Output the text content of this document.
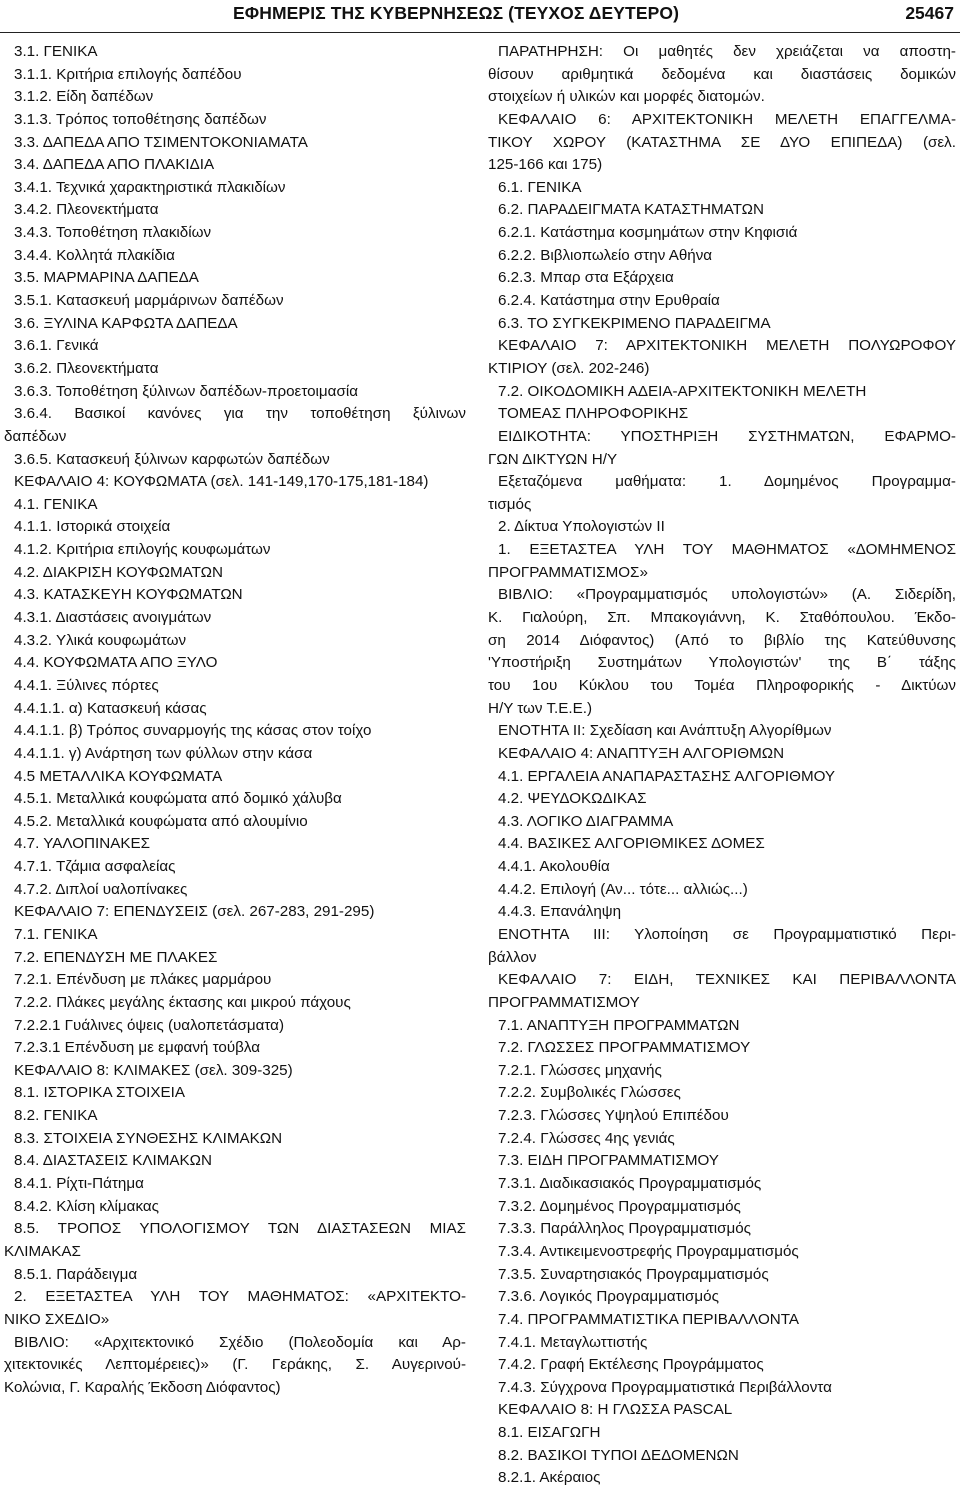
ΕΦΗΜΕΡΙΣ ΤΗΣ ΚΥΒΕΡΝΗΣΕΩΣ (ΤΕΥΧΟΣ ΔΕΥΤΕΡΟ)	25467
3.1. ΓΕΝΙΚΑ
3.1.1. Κριτήρια επιλογής δαπέδου
3.1.2. Είδη δαπέδων
3.1.3. Τρόπος τοποθέτησης δαπέδων
3.3. ΔΑΠΕΔΑ ΑΠΟ ΤΣΙΜΕΝΤΟΚΟΝΙΑΜΑΤΑ
3.4. ΔΑΠΕΔΑ ΑΠΟ ΠΛΑΚΙΔΙΑ
3.4.1. Τεχνικά χαρακτηριστικά πλακιδίων
3.4.2. Πλεονεκτήματα
3.4.3. Τοποθέτηση πλακιδίων
3.4.4. Κολλητά πλακίδια
3.5. ΜΑΡΜΑΡΙΝΑ ΔΑΠΕΔΑ
3.5.1. Κατασκευή μαρμάρινων δαπέδων
3.6. ΞΥΛΙΝΑ ΚΑΡΦΩΤΑ ΔΑΠΕΔΑ
3.6.1. Γενικά
3.6.2. Πλεονεκτήματα
3.6.3. Τοποθέτηση ξύλινων δαπέδων-προετοιμασία
3.6.4. Βασικοί κανόνες για την τοποθέτηση ξύλινων
δαπέδων
3.6.5. Κατασκευή ξύλινων καρφωτών δαπέδων
ΚΕΦΑΛΑΙΟ 4: ΚΟΥΦΩΜΑΤΑ (σελ. 141-149,170-175,181-184)
4.1. ΓΕΝΙΚΑ
4.1.1. Ιστορικά στοιχεία
4.1.2. Κριτήρια επιλογής κουφωμάτων
4.2. ΔΙΑΚΡΙΣΗ ΚΟΥΦΩΜΑΤΩΝ
4.3. ΚΑΤΑΣΚΕΥΗ ΚΟΥΦΩΜΑΤΩΝ
4.3.1. Διαστάσεις ανοιγμάτων
4.3.2. Υλικά κουφωμάτων
4.4. ΚΟΥΦΩΜΑΤΑ ΑΠΟ ΞΥΛΟ
4.4.1. Ξύλινες πόρτες
4.4.1.1. α) Κατασκευή κάσας
4.4.1.1. β) Τρόπος συναρμογής της κάσας στον τοίχο
4.4.1.1. γ) Ανάρτηση των φύλλων στην κάσα
4.5 ΜΕΤΑΛΛΙΚΑ ΚΟΥΦΩΜΑΤΑ
4.5.1. Μεταλλικά κουφώματα από δομικό χάλυβα
4.5.2. Μεταλλικά κουφώματα από αλουμίνιο
4.7. ΥΑΛΟΠΙΝΑΚΕΣ
4.7.1. Τζάμια ασφαλείας
4.7.2. Διπλοί υαλοπίνακες
ΚΕΦΑΛΑΙΟ 7: ΕΠΕΝΔΥΣΕΙΣ (σελ. 267-283, 291-295)
7.1. ΓΕΝΙΚΑ
7.2. ΕΠΕΝΔΥΣΗ ΜΕ ΠΛΑΚΕΣ
7.2.1. Επένδυση με πλάκες μαρμάρου
7.2.2. Πλάκες μεγάλης έκτασης και μικρού πάχους
7.2.2.1 Γυάλινες όψεις (υαλοπετάσματα)
7.2.3.1 Επένδυση με εμφανή τούβλα
ΚΕΦΑΛΑΙΟ 8: ΚΛΙΜΑΚΕΣ (σελ. 309-325)
8.1. ΙΣΤΟΡΙΚΑ ΣΤΟΙΧΕΙΑ
8.2. ΓΕΝΙΚΑ
8.3. ΣΤΟΙΧΕΙΑ ΣΥΝΘΕΣΗΣ ΚΛΙΜΑΚΩΝ
8.4. ΔΙΑΣΤΑΣΕΙΣ ΚΛΙΜΑΚΩΝ
8.4.1. Ρίχτι-Πάτημα
8.4.2. Κλίση κλίμακας
8.5. ΤΡΟΠΟΣ ΥΠΟΛΟΓΙΣΜΟΥ ΤΩΝ ΔΙΑΣΤΑΣΕΩΝ ΜΙΑΣ
ΚΛΙΜΑΚΑΣ
8.5.1. Παράδειγμα
2. ΕΞΕΤΑΣΤΕΑ ΥΛΗ ΤΟΥ ΜΑΘΗΜΑΤΟΣ: «ΑΡΧΙΤΕΚΤΟ-
ΝΙΚΟ ΣΧΕΔΙΟ»
ΒΙΒΛΙΟ: «Αρχιτεκτονικό Σχέδιο (Πολεοδομία και Αρ-
χιτεκτονικές Λεπτομέρειες)» (Γ. Γεράκης, Σ. Αυγερινού-
Κολώνια, Γ. Καραλής Έκδοση Διόφαντος)
ΠΑΡΑΤΗΡΗΣΗ: Οι μαθητές δεν χρειάζεται να αποστη-
θίσουν αριθμητικά δεδομένα και διαστάσεις δομικών
στοιχείων ή υλικών και μορφές διατομών.
ΚΕΦΑΛΑΙΟ 6: ΑΡΧΙΤΕΚΤΟΝΙΚΗ ΜΕΛΕΤΗ ΕΠΑΓΓΕΛΜΑ-
ΤΙΚΟΥ ΧΩΡΟΥ (ΚΑΤΑΣΤΗΜΑ ΣΕ ΔΥΟ ΕΠΙΠΕΔΑ) (σελ.
125-166 και 175)
6.1. ΓΕΝΙΚΑ
6.2. ΠΑΡΑΔΕΙΓΜΑΤΑ ΚΑΤΑΣΤΗΜΑΤΩΝ
6.2.1. Κατάστημα κοσμημάτων στην Κηφισιά
6.2.2. Βιβλιοπωλείο στην Αθήνα
6.2.3. Μπαρ στα Εξάρχεια
6.2.4. Κατάστημα στην Ερυθραία
6.3. ΤΟ ΣΥΓΚΕΚΡΙΜΕΝΟ ΠΑΡΑΔΕΙΓΜΑ
ΚΕΦΑΛΑΙΟ 7: ΑΡΧΙΤΕΚΤΟΝΙΚΗ ΜΕΛΕΤΗ ΠΟΛΥΩΡΟΦΟΥ
ΚΤΙΡΙΟΥ (σελ. 202-246)
7.2. ΟΙΚΟΔΟΜΙΚΗ ΑΔΕΙΑ-ΑΡΧΙΤΕΚΤΟΝΙΚΗ ΜΕΛΕΤΗ
ΤΟΜΕΑΣ ΠΛΗΡΟΦΟΡΙΚΗΣ
ΕΙΔΙΚΟΤΗΤΑ: ΥΠΟΣΤΗΡΙΞΗ ΣΥΣΤΗΜΑΤΩΝ, ΕΦΑΡΜΟ-
ΓΩΝ ΔΙΚΤΥΩΝ Η/Υ
Εξεταζόμενα μαθήματα: 1. Δομημένος Προγραμμα-
τισμός
2. Δίκτυα Υπολογιστών ΙΙ
1. ΕΞΕΤΑΣΤΕΑ ΥΛΗ ΤΟΥ ΜΑΘΗΜΑΤΟΣ «ΔΟΜΗΜΕΝΟΣ
ΠΡΟΓΡΑΜΜΑΤΙΣΜΟΣ»
ΒΙΒΛΙΟ: «Προγραμματισμός υπολογιστών» (Α. Σιδερίδη,
Κ. Γιαλούρη, Σπ. Μπακογιάννη, Κ. Σταθόπουλου. Έκδο-
ση 2014 Διόφαντος) (Από το βιβλίο της Κατεύθυνσης
'Υποστήριξη Συστημάτων Υπολογιστών' της Β΄ τάξης
του 1ου Κύκλου του Τομέα Πληροφορικής - Δικτύων
Η/Υ των Τ.Ε.Ε.)
ΕΝΟΤΗΤΑ ΙΙ: Σχεδίαση και Ανάπτυξη Αλγορίθμων
ΚΕΦΑΛΑΙΟ 4: ΑΝΑΠΤΥΞΗ ΑΛΓΟΡΙΘΜΩΝ
4.1. ΕΡΓΑΛΕΙΑ ΑΝΑΠΑΡΑΣΤΑΣΗΣ ΑΛΓΟΡΙΘΜΟΥ
4.2. ΨΕΥΔΟΚΩΔΙΚΑΣ
4.3. ΛΟΓΙΚΟ ΔΙΑΓΡΑΜΜΑ
4.4. ΒΑΣΙΚΕΣ ΑΛΓΟΡΙΘΜΙΚΕΣ ΔΟΜΕΣ
4.4.1. Ακολουθία
4.4.2. Επιλογή (Αν... τότε... αλλιώς...)
4.4.3. Επανάληψη
ΕΝΟΤΗΤΑ ΙΙΙ: Υλοποίηση σε Προγραμματιστικό Περι-
βάλλον
ΚΕΦΑΛΑΙΟ 7: ΕΙΔΗ, ΤΕΧΝΙΚΕΣ ΚΑΙ ΠΕΡΙΒΑΛΛΟΝΤΑ
ΠΡΟΓΡΑΜΜΑΤΙΣΜΟΥ
7.1. ΑΝΑΠΤΥΞΗ ΠΡΟΓΡΑΜΜΑΤΩΝ
7.2. ΓΛΩΣΣΕΣ ΠΡΟΓΡΑΜΜΑΤΙΣΜΟΥ
7.2.1. Γλώσσες μηχανής
7.2.2. Συμβολικές Γλώσσες
7.2.3. Γλώσσες Υψηλού Επιπέδου
7.2.4. Γλώσσες 4ης γενιάς
7.3. ΕΙΔΗ ΠΡΟΓΡΑΜΜΑΤΙΣΜΟΥ
7.3.1. Διαδικασιακός Προγραμματισμός
7.3.2. Δομημένος Προγραμματισμός
7.3.3. Παράλληλος Προγραμματισμός
7.3.4. Αντικειμενοστρεφής Προγραμματισμός
7.3.5. Συναρτησιακός Προγραμματισμός
7.3.6. Λογικός Προγραμματισμός
7.4. ΠΡΟΓΡΑΜΜΑΤΙΣΤΙΚΑ ΠΕΡΙΒΑΛΛΟΝΤΑ
7.4.1. Μεταγλωττιστής
7.4.2. Γραφή Εκτέλεσης Προγράμματος
7.4.3. Σύγχρονα Προγραμματιστικά Περιβάλλοντα
ΚΕΦΑΛΑΙΟ 8: Η ΓΛΩΣΣΑ PASCAL
8.1. ΕΙΣΑΓΩΓΗ
8.2. ΒΑΣΙΚΟΙ ΤΥΠΟΙ ΔΕΔΟΜΕΝΩΝ
8.2.1. Ακέραιος
